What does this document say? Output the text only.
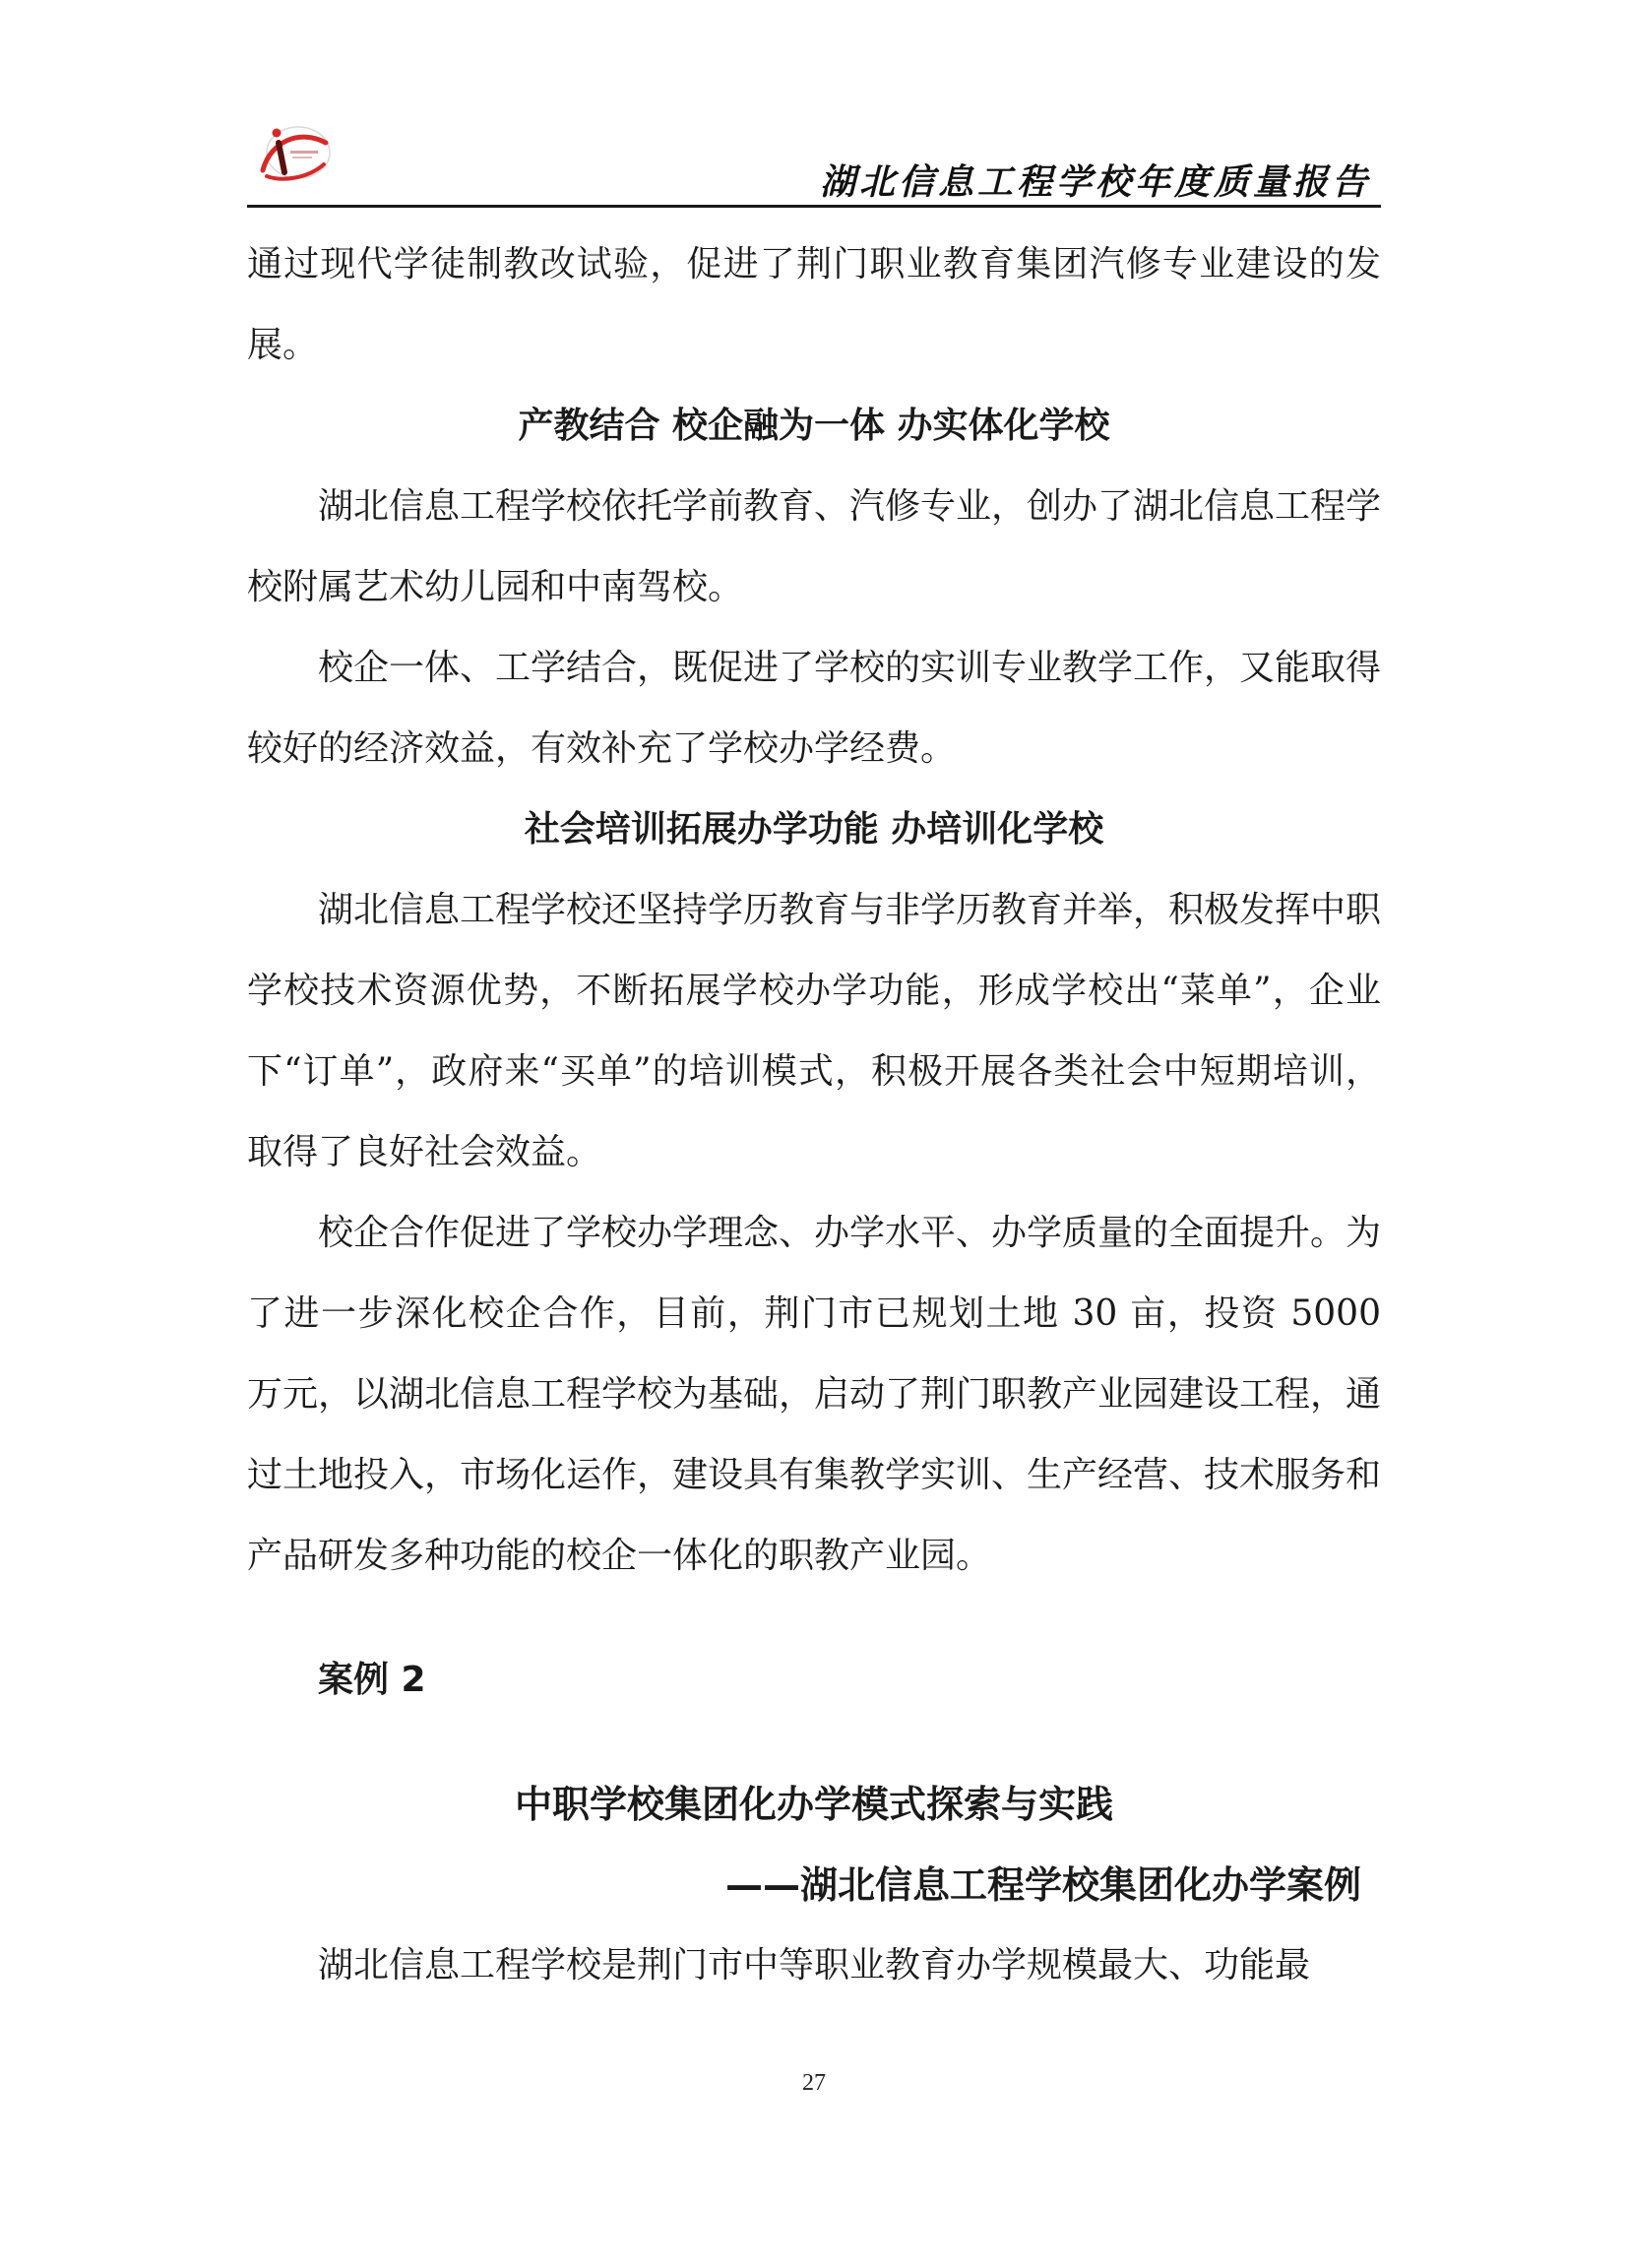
湖北信息工程学校年度质量报告

通过现代学徒制教改试验，促进了荆门职业教育集团汽修专业建设的发展。

产教结合 校企融为一体 办实体化学校

湖北信息工程学校依托学前教育、汽修专业，创办了湖北信息工程学校附属艺术幼儿园和中南驾校。

校企一体、工学结合，既促进了学校的实训专业教学工作，又能取得较好的经济效益，有效补充了学校办学经费。

社会培训拓展办学功能 办培训化学校

湖北信息工程学校还坚持学历教育与非学历教育并举，积极发挥中职学校技术资源优势，不断拓展学校办学功能，形成学校出“菜单”，企业下“订单”，政府来“买单”的培训模式，积极开展各类社会中短期培训，取得了良好社会效益。

校企合作促进了学校办学理念、办学水平、办学质量的全面提升。为了进一步深化校企合作，目前，荆门市已规划土地 30 亩，投资 5000 万元，以湖北信息工程学校为基础，启动了荆门职教产业园建设工程，通过土地投入，市场化运作，建设具有集教学实训、生产经营、技术服务和产品研发多种功能的校企一体化的职教产业园。

案例 2

中职学校集团化办学模式探索与实践

——湖北信息工程学校集团化办学案例

湖北信息工程学校是荆门市中等职业教育办学规模最大、功能最

27
